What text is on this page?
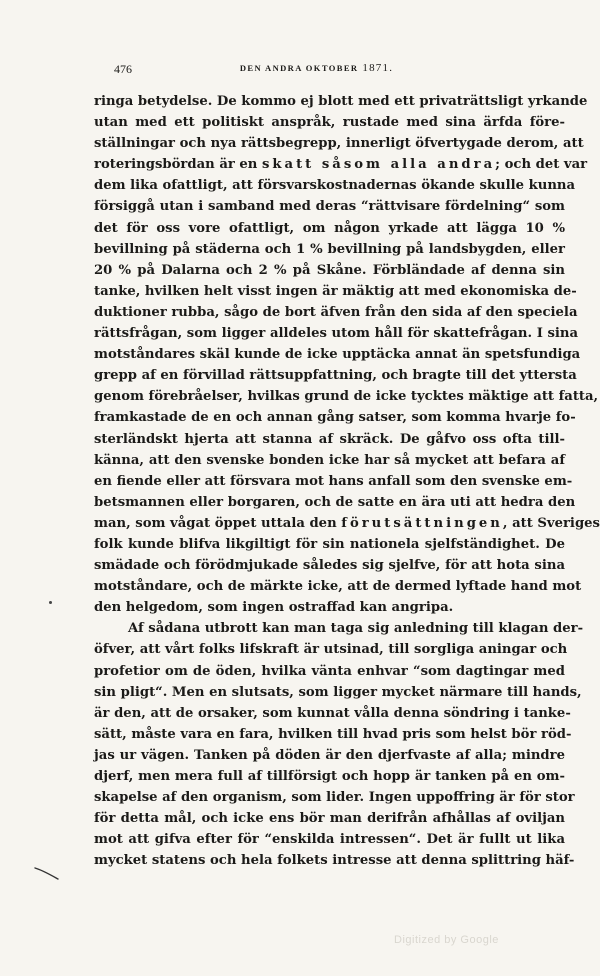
476	DEN ANDRA OKTOBER 1871.
ringa betydelse. De kommo ej blott med ett privaträttsligt yrkande
utan med ett politiskt anspråk, rustade med sina ärfda före-
ställningar och nya rättsbegrepp, innerligt öfvertygade derom, att
roteringsbördan är en skatt såsom alla andra; och det var
dem lika ofattligt, att försvarskostnadernas ökande skulle kunna
försiggå utan i samband med deras “rättvisare fördelning“ som
det för oss vore ofattligt, om någon yrkade att lägga 10 %
bevillning på städerna och 1 % bevillning på landsbygden, eller
20 % på Dalarna och 2 % på Skåne. Förbländade af denna sin
tanke, hvilken helt visst ingen är mäktig att med ekonomiska de-
duktioner rubba, sågo de bort äfven från den sida af den speciela
rättsfrågan, som ligger alldeles utom håll för skattefrågan. I sina
motståndares skäl kunde de icke upptäcka annat än spetsfundiga
grepp af en förvillad rättsuppfattning, och bragte till det yttersta
genom förebråelser, hvilkas grund de icke tycktes mäktige att fatta,
framkastade de en och annan gång satser, som komma hvarje fo-
sterländskt hjerta att stanna af skräck. De gåfvo oss ofta till-
känna, att den svenske bonden icke har så mycket att befara af
en fiende eller att försvara mot hans anfall som den svenske em-
betsmannen eller borgaren, och de satte en ära uti att hedra den
man, som vågat öppet uttala den förutsättningen, att Sveriges
folk kunde blifva likgiltigt för sin nationela sjelfständighet. De
smädade och förödmjukade således sig sjelfve, för att hota sina
motståndare, och de märkte icke, att de dermed lyftade hand mot
den helgedom, som ingen ostraffad kan angripa.
Af sådana utbrott kan man taga sig anledning till klagan der-
öfver, att vårt folks lifskraft är utsinad, till sorgliga aningar och
profetior om de öden, hvilka vänta enhvar “som dagtingar med
sin pligt“. Men en slutsats, som ligger mycket närmare till hands,
är den, att de orsaker, som kunnat vålla denna söndring i tanke-
sätt, måste vara en fara, hvilken till hvad pris som helst bör röd-
jas ur vägen. Tanken på döden är den djerfvaste af alla; mindre
djerf, men mera full af tillförsigt och hopp är tanken på en om-
skapelse af den organism, som lider. Ingen uppoffring är för stor
för detta mål, och icke ens bör man derifrån afhållas af oviljan
mot att gifva efter för “enskilda intressen“. Det är fullt ut lika
mycket statens och hela folkets intresse att denna splittring häf-
Digitized by Google
